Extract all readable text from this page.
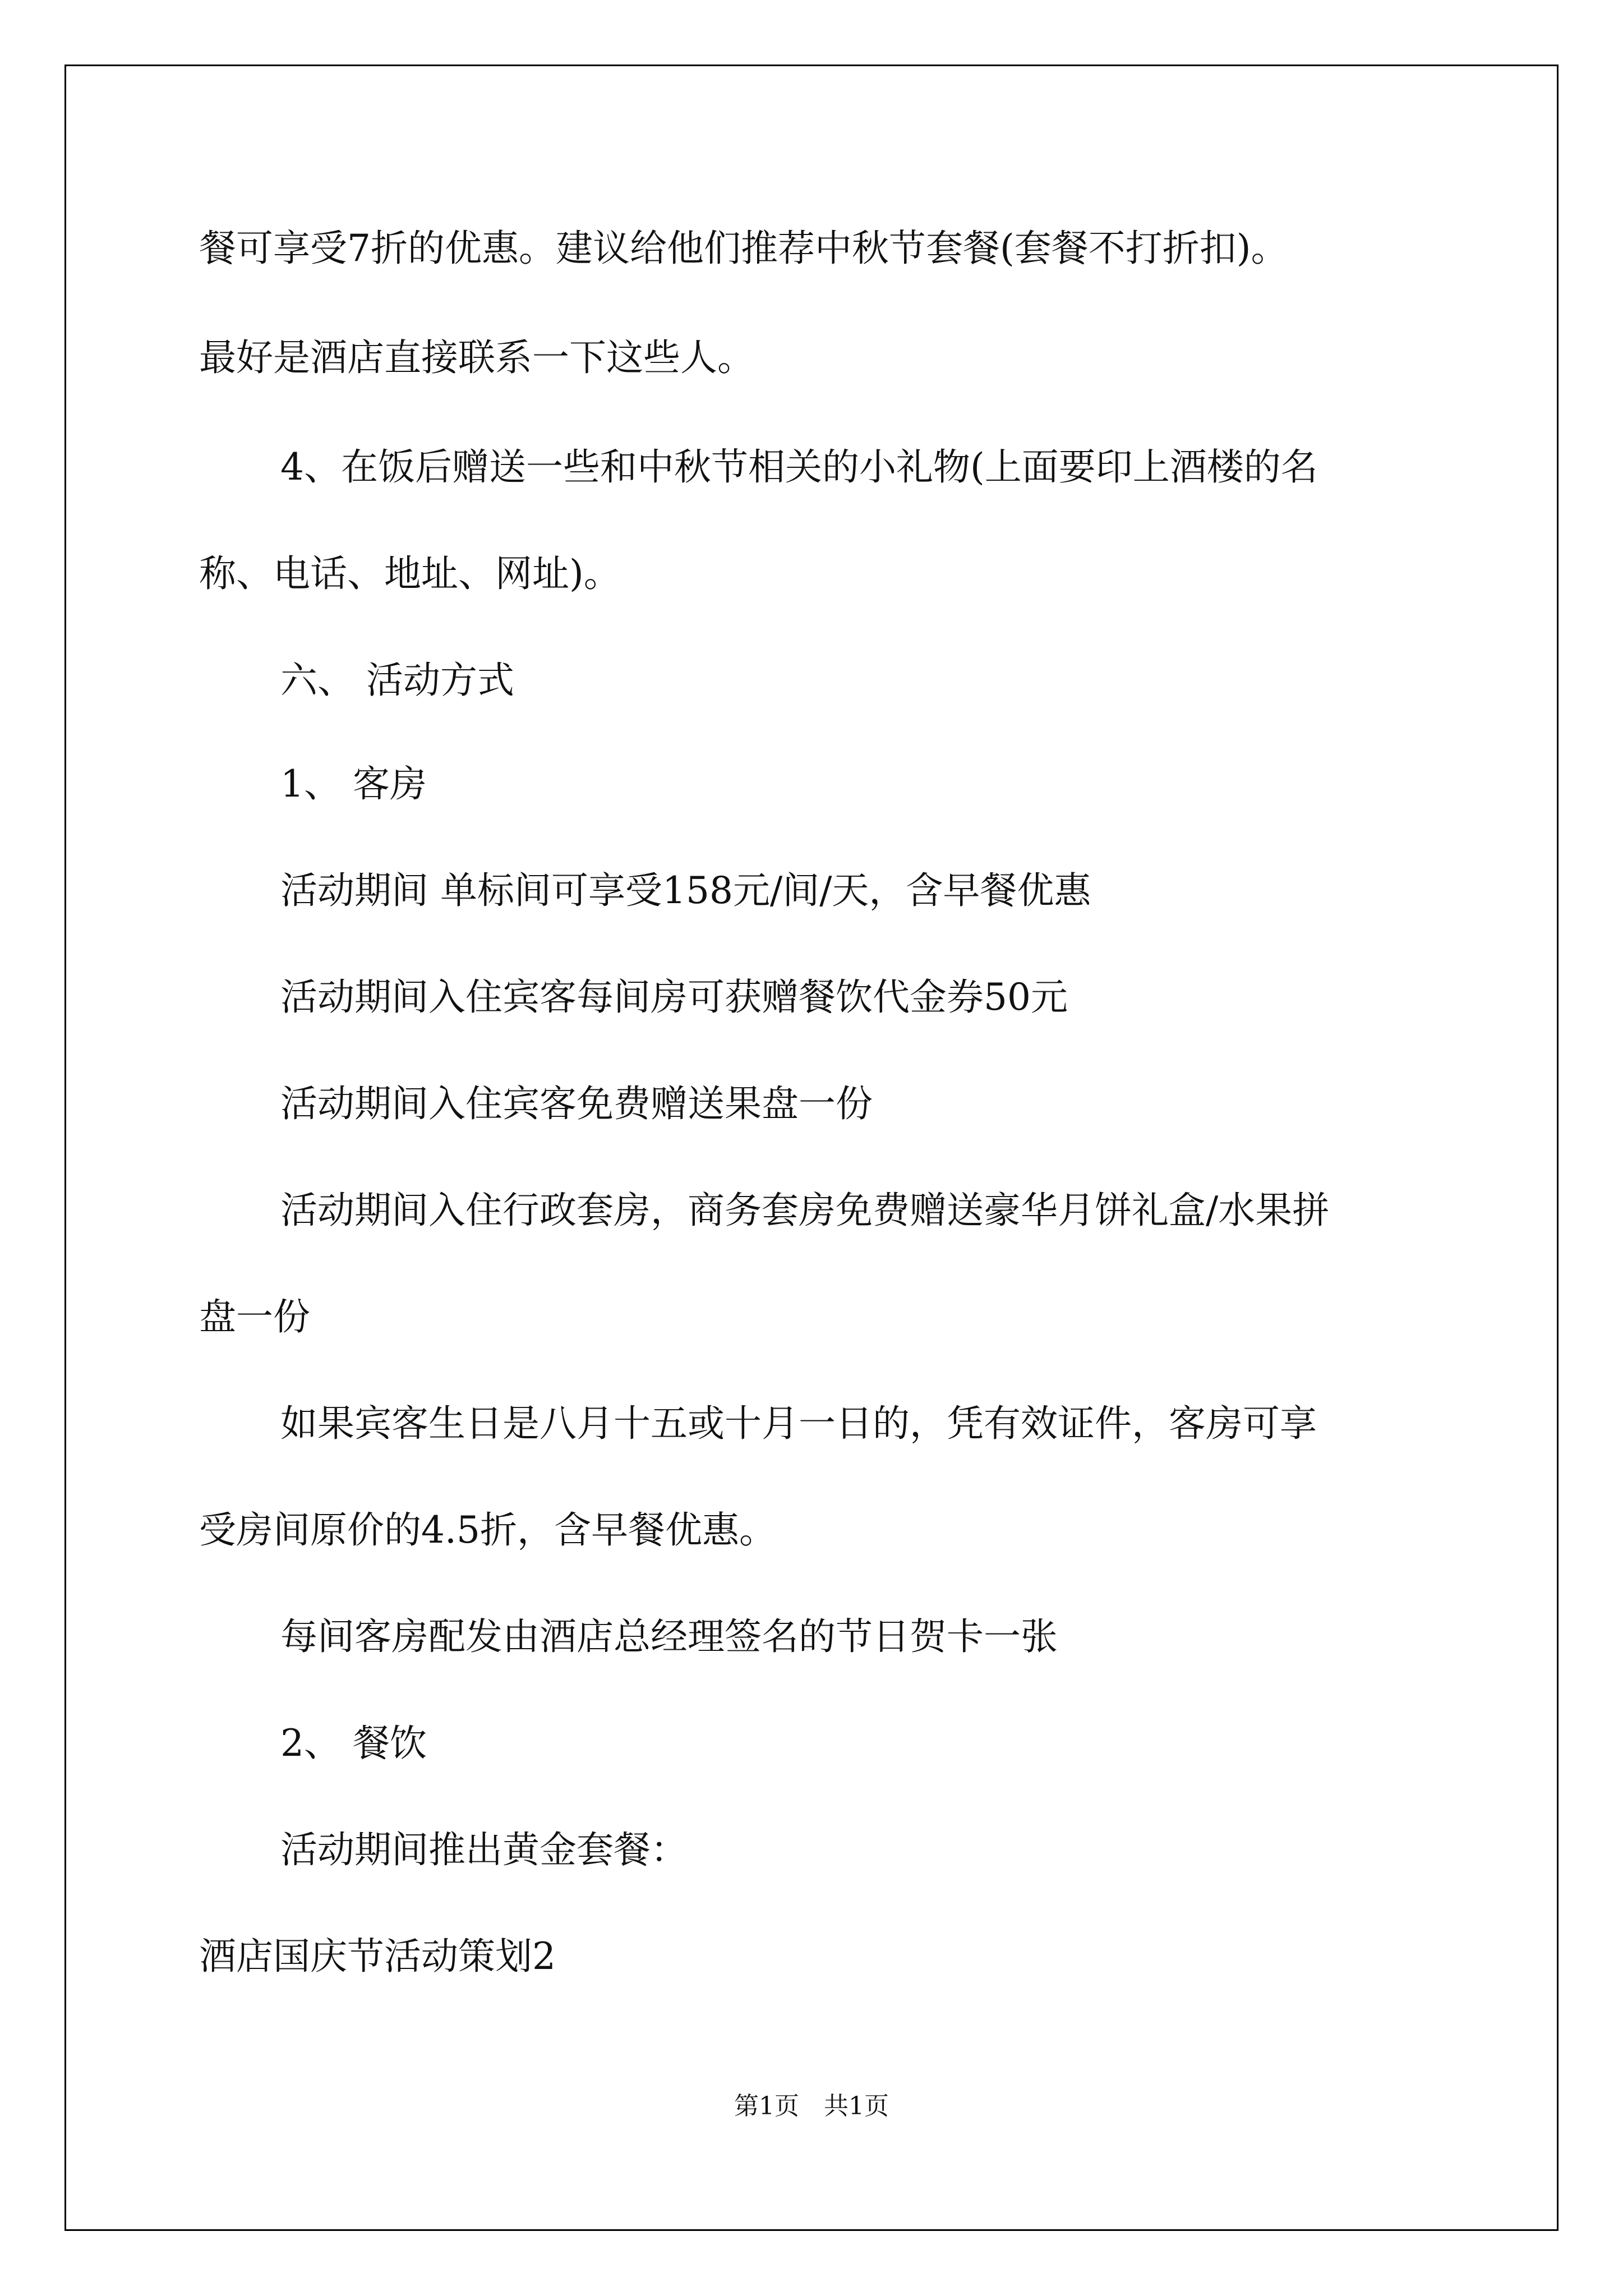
餐可享受7折的优惠。建议给他们推荐中秋节套餐(套餐不打折扣)。
最好是酒店直接联系一下这些人。
4、在饭后赠送一些和中秋节相关的小礼物(上面要印上酒楼的名
称、电话、地址、网址)。
六、 活动方式
1、 客房
活动期间 单标间可享受158元/间/天，含早餐优惠
活动期间入住宾客每间房可获赠餐饮代金券50元
活动期间入住宾客免费赠送果盘一份
活动期间入住行政套房，商务套房免费赠送豪华月饼礼盒/水果拼
盘一份
如果宾客生日是八月十五或十月一日的，凭有效证件，客房可享
受房间原价的4.5折，含早餐优惠。
每间客房配发由酒店总经理签名的节日贺卡一张
2、 餐饮
活动期间推出黄金套餐：
酒店国庆节活动策划2
第1页　共1页
